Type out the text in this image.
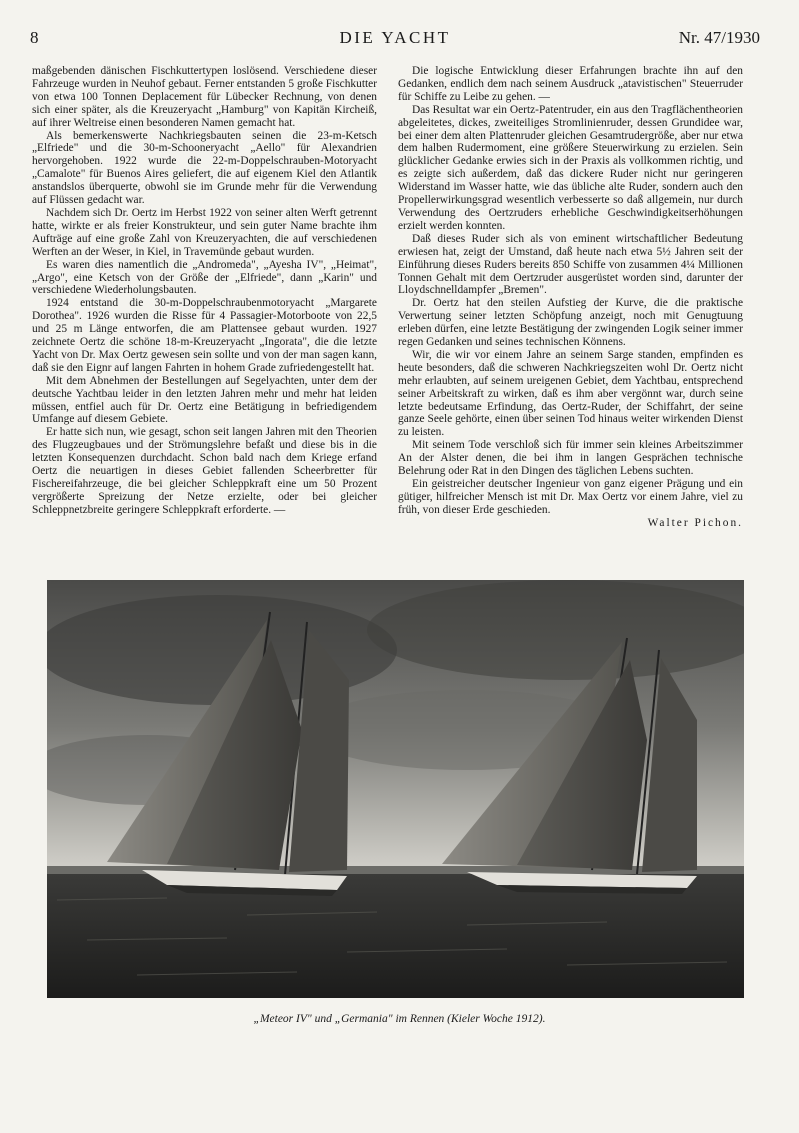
8	DIE YACHT	Nr. 47/1930

maßgebenden dänischen Fischkuttertypen loslösend. Verschiedene dieser Fahrzeuge wurden in Neuhof gebaut. Ferner entstanden 5 große Fischkutter von etwa 100 Tonnen Deplacement für Lübecker Rechnung, von denen sich einer später, als die Kreuzeryacht „Hamburg" von Kapitän Kircheiß, auf ihrer Weltreise einen besonderen Namen gemacht hat.

Als bemerkenswerte Nachkriegsbauten seinen die 23-m-Ketsch „Elfriede" und die 30-m-Schooneryacht „Aello" für Alexandrien hervorgehoben. 1922 wurde die 22-m-Doppelschrauben-Motoryacht „Camalote" für Buenos Aires geliefert, die auf eigenem Kiel den Atlantik anstandslos überquerte, obwohl sie im Grunde mehr für die Verwendung auf Flüssen gedacht war.

Nachdem sich Dr. Oertz im Herbst 1922 von seiner alten Werft getrennt hatte, wirkte er als freier Konstrukteur, und sein guter Name brachte ihm Aufträge auf eine große Zahl von Kreuzeryachten, die auf verschiedenen Werften an der Weser, in Kiel, in Travemünde gebaut wurden.

Es waren dies namentlich die „Andromeda", „Ayesha IV", „Heimat", „Argo", eine Ketsch von der Größe der „Elfriede", dann „Karin" und verschiedene Wiederholungsbauten.

1924 entstand die 30-m-Doppelschraubenmotoryacht „Margarete Dorothea". 1926 wurden die Risse für 4 Passagier-Motorboote von 22,5 und 25 m Länge entworfen, die am Plattensee gebaut wurden. 1927 zeichnete Oertz die schöne 18-m-Kreuzeryacht „Ingorata", die die letzte Yacht von Dr. Max Oertz gewesen sein sollte und von der man sagen kann, daß sie den Eignr auf langen Fahrten in hohem Grade zufriedengestellt hat.

Mit dem Abnehmen der Bestellungen auf Segelyachten, unter dem der deutsche Yachtbau leider in den letzten Jahren mehr und mehr hat leiden müssen, entfiel auch für Dr. Oertz eine Betätigung in befriedigendem Umfange auf diesem Gebiete.

Er hatte sich nun, wie gesagt, schon seit langen Jahren mit den Theorien des Flugzeugbaues und der Strömungslehre befaßt und diese bis in die letzten Konsequenzen durchdacht. Schon bald nach dem Kriege erfand Oertz die neuartigen in dieses Gebiet fallenden Scheerbretter für Fischereifahrzeuge, die bei gleicher Schleppkraft eine um 50 Prozent vergrößerte Spreizung der Netze erzielte, oder bei gleicher Schleppnetzbreite geringere Schleppkraft erforderte. —

Die logische Entwicklung dieser Erfahrungen brachte ihn auf den Gedanken, endlich dem nach seinem Ausdruck „atavistischen" Steuerruder für Schiffe zu Leibe zu gehen. —

Das Resultat war ein Oertz-Patentruder, ein aus den Tragflächentheorien abgeleitetes, dickes, zweiteiliges Stromlinienruder, dessen Grundidee war, bei einer dem alten Plattenruder gleichen Gesamtrudergröße, aber nur etwa dem halben Rudermoment, eine größere Steuerwirkung zu erzielen. Sein glücklicher Gedanke erwies sich in der Praxis als vollkommen richtig, und es zeigte sich außerdem, daß das dickere Ruder nicht nur geringeren Widerstand im Wasser hatte, wie das übliche alte Ruder, sondern auch den Propellerwirkungsgrad wesentlich verbesserte so daß allgemein, nur durch Verwendung des Oertzruders erhebliche Geschwindigkeitserhöhungen erzielt werden konnten.

Daß dieses Ruder sich als von eminent wirtschaftlicher Bedeutung erwiesen hat, zeigt der Umstand, daß heute nach etwa 5½ Jahren seit der Einführung dieses Ruders bereits 850 Schiffe von zusammen 4¼ Millionen Tonnen Gehalt mit dem Oertzruder ausgerüstet worden sind, darunter der Lloydschnelldampfer „Bremen".

Dr. Oertz hat den steilen Aufstieg der Kurve, die die praktische Verwertung seiner letzten Schöpfung anzeigt, noch mit Genugtuung erleben dürfen, eine letzte Bestätigung der zwingenden Logik seiner immer regen Gedanken und seines technischen Könnens.

Wir, die wir vor einem Jahre an seinem Sarge standen, empfinden es heute besonders, daß die schweren Nachkriegszeiten wohl Dr. Oertz nicht mehr erlaubten, auf seinem ureigenen Gebiet, dem Yachtbau, entsprechend seiner Arbeitskraft zu wirken, daß es ihm aber vergönnt war, durch seine letzte bedeutsame Erfindung, das Oertz-Ruder, der Schiffahrt, der seine ganze Seele gehörte, einen über seinen Tod hinaus weiter wirkenden Dienst zu leisten.

Mit seinem Tode verschloß sich für immer sein kleines Arbeitszimmer An der Alster denen, die bei ihm in langen Gesprächen technische Belehrung oder Rat in den Dingen des täglichen Lebens suchten.

Ein geistreicher deutscher Ingenieur von ganz eigener Prägung und ein gütiger, hilfreicher Mensch ist mit Dr. Max Oertz vor einem Jahre, viel zu früh, von dieser Erde geschieden.

Walter Pichon.

„Meteor IV" und „Germania" im Rennen (Kieler Woche 1912).
